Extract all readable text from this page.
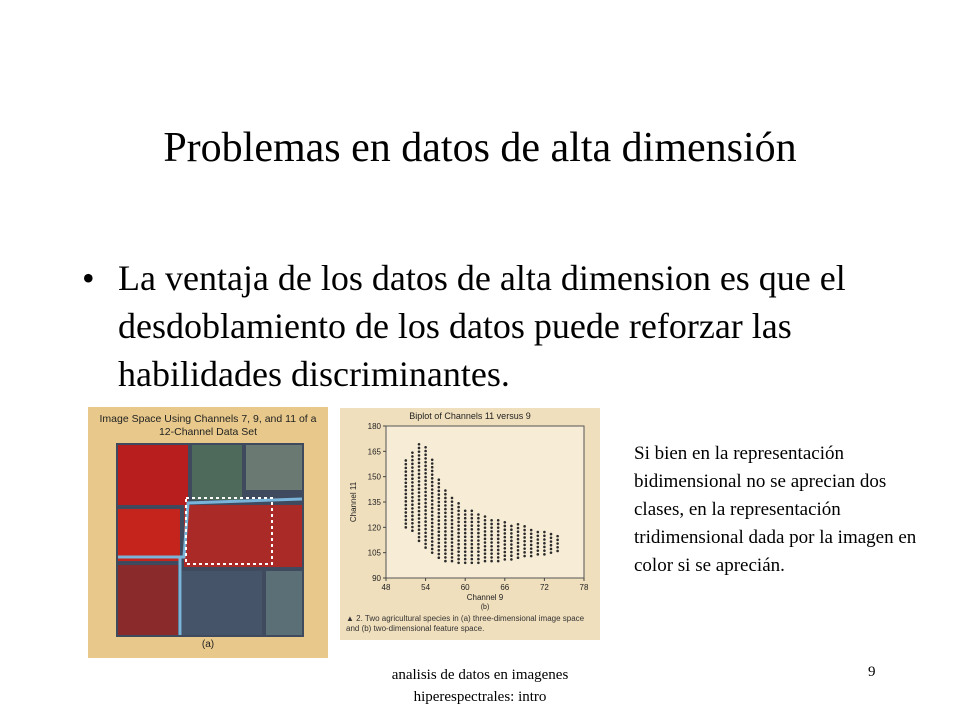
Problemas en datos de alta dimensión
• La ventaja de los datos de alta dimension es que el desdoblamiento de los datos puede reforzar las habilidades discriminantes.
Image Space Using Channels 7, 9, and 11 of a 12-Channel Data Set
(a)
Biplot of Channels 11 versus 9
48	54	60	66	72	78
90
105
120
135
150
165
180
Channel 9
(b)
Channel 11
▲ 2. Two agricultural species in (a) three-dimensional image space and (b) two-dimensional feature space.
Si bien en la representación bidimensional no se aprecian dos clases, en la representación tridimensional dada por la imagen en color si se aprecián.
analisis de datos en imagenes hiperespectrales: intro
9
